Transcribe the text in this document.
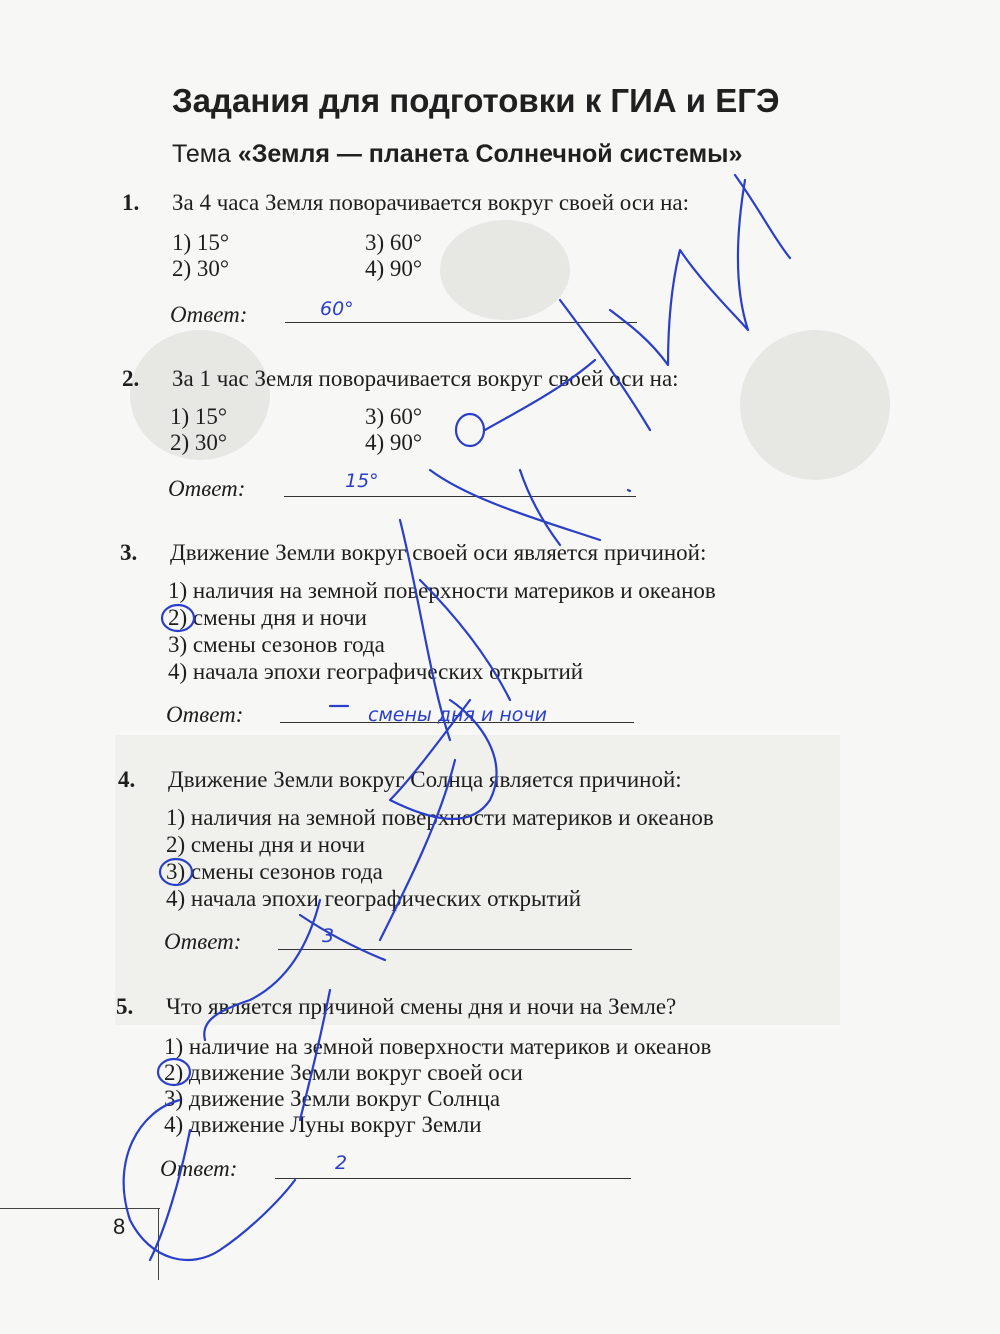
Задания для подготовки к ГИА и ЕГЭ
Тема «Земля — планета Солнечной системы»
1. За 4 часа Земля поворачивается вокруг своей оси на:
1) 15°	3) 60°
2) 30°	4) 90°
Ответ:	60°
2. За 1 час Земля поворачивается вокруг своей оси на:
1) 15°	3) 60°
2) 30°	4) 90°
Ответ:	15°
3. Движение Земли вокруг своей оси является причиной:
1) наличия на земной поверхности материков и океанов
2) смены дня и ночи
3) смены сезонов года
4) начала эпохи географических открытий
Ответ:	смены дня и ночи
4. Движение Земли вокруг Солнца является причиной:
1) наличия на земной поверхности материков и океанов
2) смены дня и ночи
3) смены сезонов года
4) начала эпохи географических открытий
Ответ:	3
5. Что является причиной смены дня и ночи на Земле?
1) наличие на земной поверхности материков и океанов
2) движение Земли вокруг своей оси
3) движение Земли вокруг Солнца
4) движение Луны вокруг Земли
Ответ:	2
8
